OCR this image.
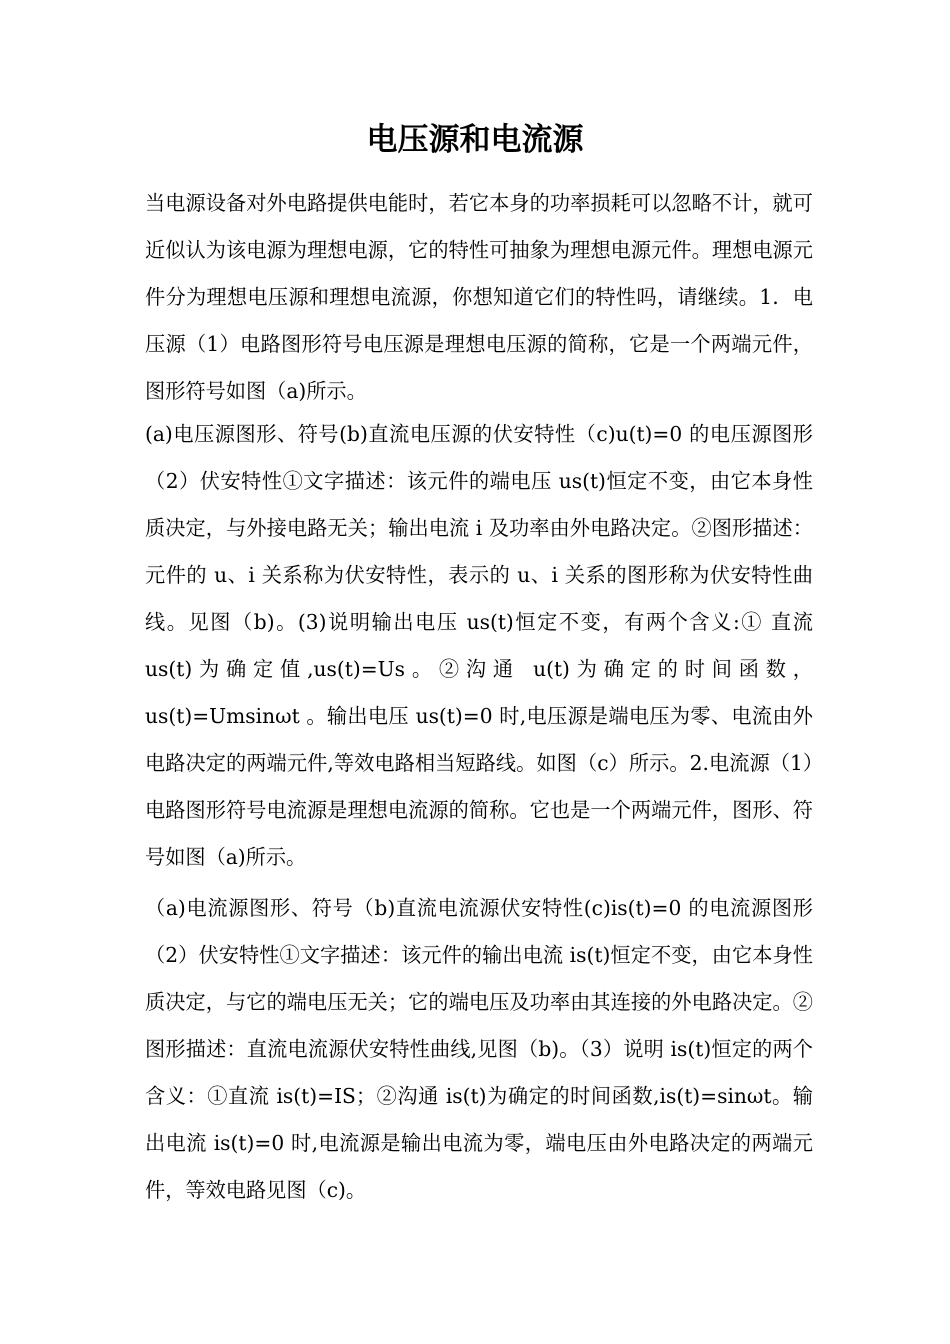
电压源和电流源

当电源设备对外电路提供电能时，若它本身的功率损耗可以忽略不计，就可近似认为该电源为理想电源，它的特性可抽象为理想电源元件。理想电源元件分为理想电压源和理想电流源，你想知道它们的特性吗，请继续。1．电压源（1）电路图形符号电压源是理想电压源的简称，它是一个两端元件，图形符号如图（a)所示。

(a)电压源图形、符号(b)直流电压源的伏安特性（c)u(t)=0 的电压源图形（2）伏安特性①文字描述：该元件的端电压 us(t)恒定不变，由它本身性质决定，与外接电路无关；输出电流 i 及功率由外电路决定。②图形描述：元件的 u、i 关系称为伏安特性，表示的 u、i 关系的图形称为伏安特性曲线。见图（b)。(3)说明输出电压 us(t)恒定不变，有两个含义:① 直流 us(t)为确定值,us(t)=Us。②沟通 u(t)为确定的时间函数，us(t)=Umsinωt 。输出电压 us(t)=0 时,电压源是端电压为零、电流由外电路决定的两端元件,等效电路相当短路线。如图（c）所示。2.电流源（1）电路图形符号电流源是理想电流源的简称。它也是一个两端元件，图形、符号如图（a)所示。

（a)电流源图形、符号（b)直流电流源伏安特性(c)is(t)=0 的电流源图形（2）伏安特性①文字描述：该元件的输出电流 is(t)恒定不变，由它本身性质决定，与它的端电压无关；它的端电压及功率由其连接的外电路决定。②图形描述：直流电流源伏安特性曲线,见图（b)。（3）说明 is(t)恒定的两个含义：①直流 is(t)=IS；②沟通 is(t)为确定的时间函数,is(t)=sinωt。输出电流 is(t)=0 时,电流源是输出电流为零，端电压由外电路决定的两端元件，等效电路见图（c)。
